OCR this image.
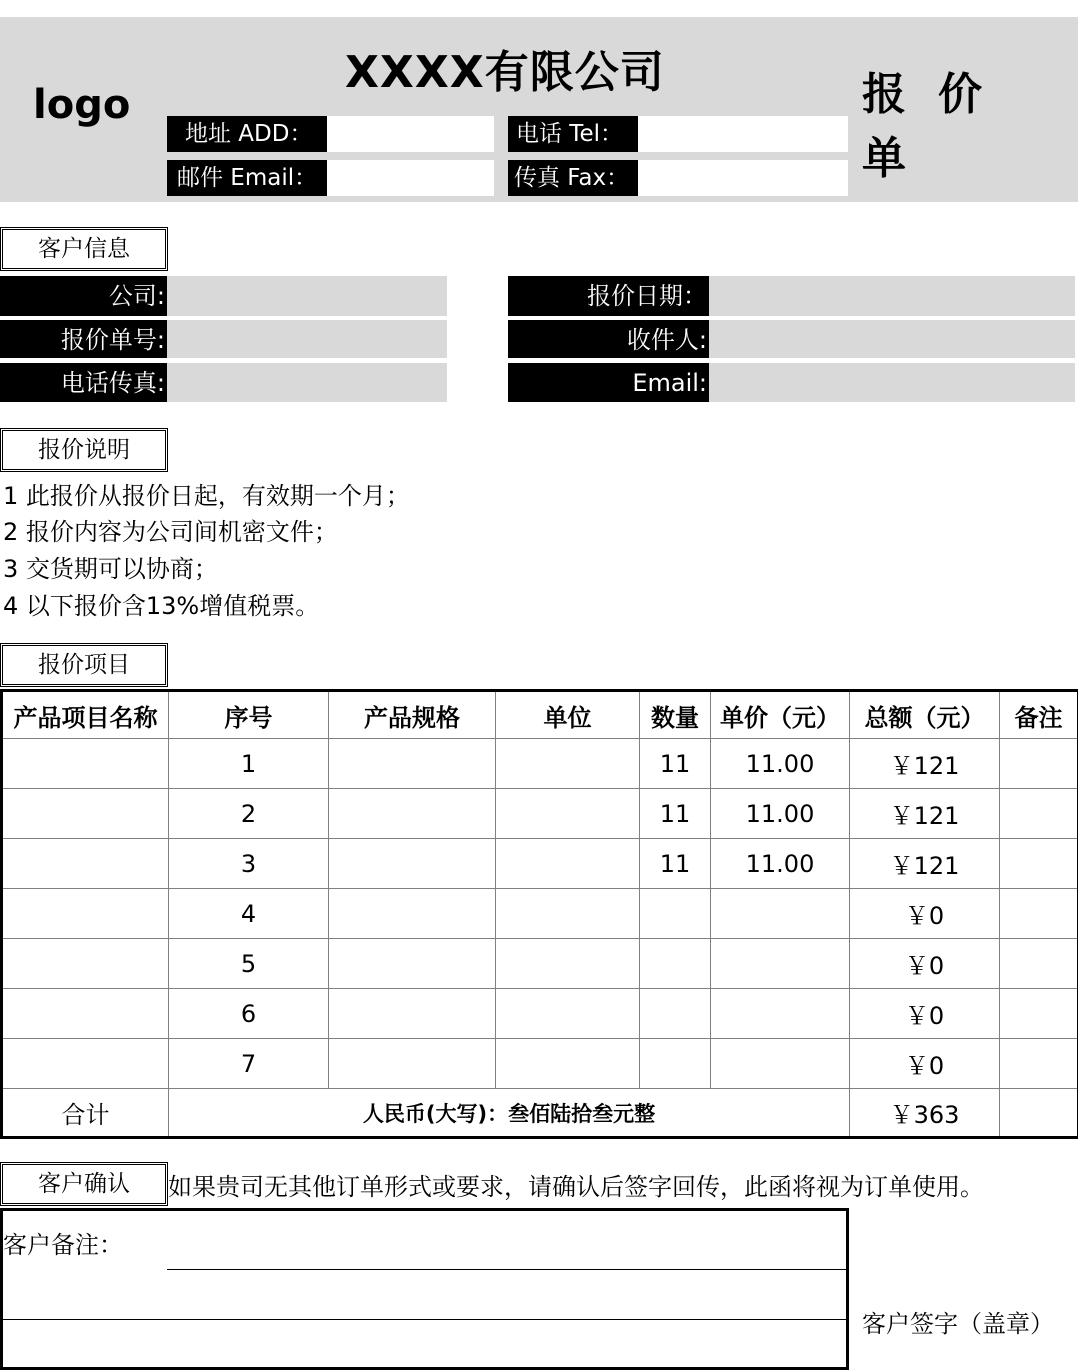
logo
XXXX有限公司	报价单
地址 ADD：	电话 Tel：
邮件 Email：	传真 Fax：
客户信息
公司:	报价日期：
报价单号:	收件人:
电话传真:	Email:
报价说明
1 此报价从报价日起，有效期一个月；
2 报价内容为公司间机密文件；
3 交货期可以协商；
4 以下报价含13%增值税票。
报价项目
产品项目名称	序号	产品规格	单位	数量	单价（元）	总额（元）	备注
	1			11	11.00	￥121	
	2			11	11.00	￥121	
	3			11	11.00	￥121	
	4					￥0	
	5					￥0	
	6					￥0	
	7					￥0	
合计	人民币(大写)：叁佰陆拾叁元整					￥363	
客户确认	如果贵司无其他订单形式或要求，请确认后签字回传，此函将视为订单使用。
客户备注：
客户签字（盖章）
